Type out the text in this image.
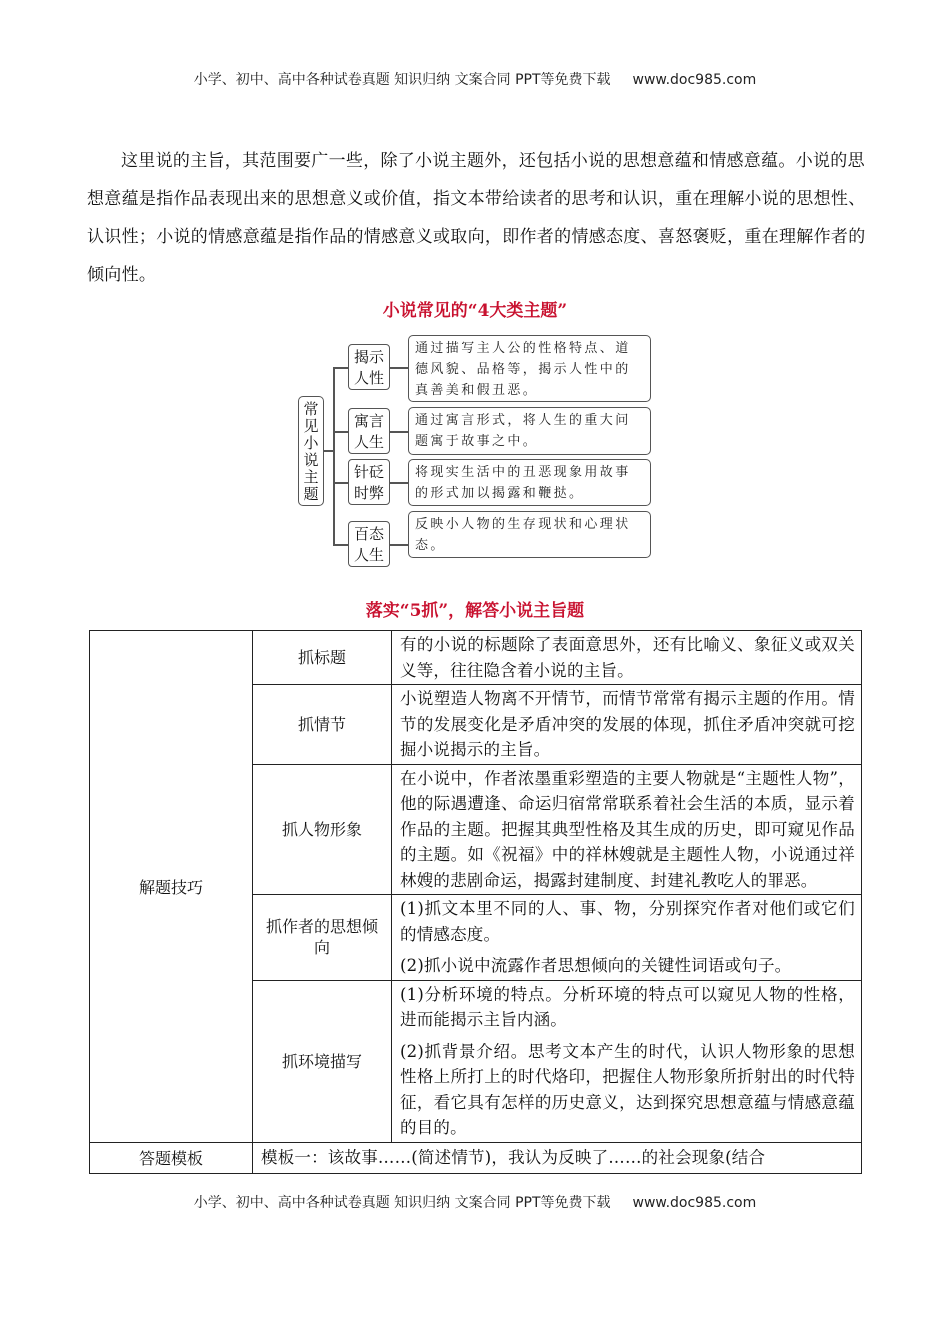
小学、初中、高中各种试卷真题 知识归纳 文案合同 PPT等免费下载 www.doc985.com

这里说的主旨，其范围要广一些，除了小说主题外，还包括小说的思想意蕴和情感意蕴。小说的思想意蕴是指作品表现出来的思想意义或价值，指文本带给读者的思考和认识，重在理解小说的思想性、认识性；小说的情感意蕴是指作品的情感意义或取向，即作者的情感态度、喜怒褒贬，重在理解作者的倾向性。

小说常见的“4大类主题”
常见小说主题
揭示人性
寓言人生
针砭时弊
百态人生
通过描写主人公的性格特点、道德风貌、品格等，揭示人性中的真善美和假丑恶。
通过寓言形式，将人生的重大问题寓于故事之中。
将现实生活中的丑恶现象用故事的形式加以揭露和鞭挞。
反映小人物的生存现状和心理状态。
落实“5抓”，解答小说主旨题
解题技巧	抓标题	有的小说的标题除了表面意思外，还有比喻义、象征义或双关义等，往往隐含着小说的主旨。

	抓情节	小说塑造人物离不开情节，而情节常常有揭示主题的作用。情节的发展变化是矛盾冲突的发展的体现，抓住矛盾冲突就可挖掘小说揭示的主旨。

	抓人物形象	在小说中，作者浓墨重彩塑造的主要人物就是“主题性人物”，他的际遇遭逢、命运归宿常常联系着社会生活的本质，显示着作品的主题。把握其典型性格及其生成的历史，即可窥见作品的主题。如《祝福》中的祥林嫂就是主题性人物，小说通过祥林嫂的悲剧命运，揭露封建制度、封建礼教吃人的罪恶。

	抓作者的思想倾向	(1)抓文本里不同的人、事、物，分别探究作者对他们或它们的情感态度。

(2)抓小说中流露作者思想倾向的关键性词语或句子。

	抓环境描写	(1)分析环境的特点。分析环境的特点可以窥见人物的性格，进而能揭示主旨内涵。

(2)抓背景介绍。思考文本产生的时代，认识人物形象的思想性格上所打上的时代烙印，把握住人物形象所折射出的时代特征，看它具有怎样的历史意义，达到探究思想意蕴与情感意蕴的目的。

答题模板	模板一：该故事……(简述情节)，我认为反映了……的社会现象(结合	
小学、初中、高中各种试卷真题 知识归纳 文案合同 PPT等免费下载 www.doc985.com
